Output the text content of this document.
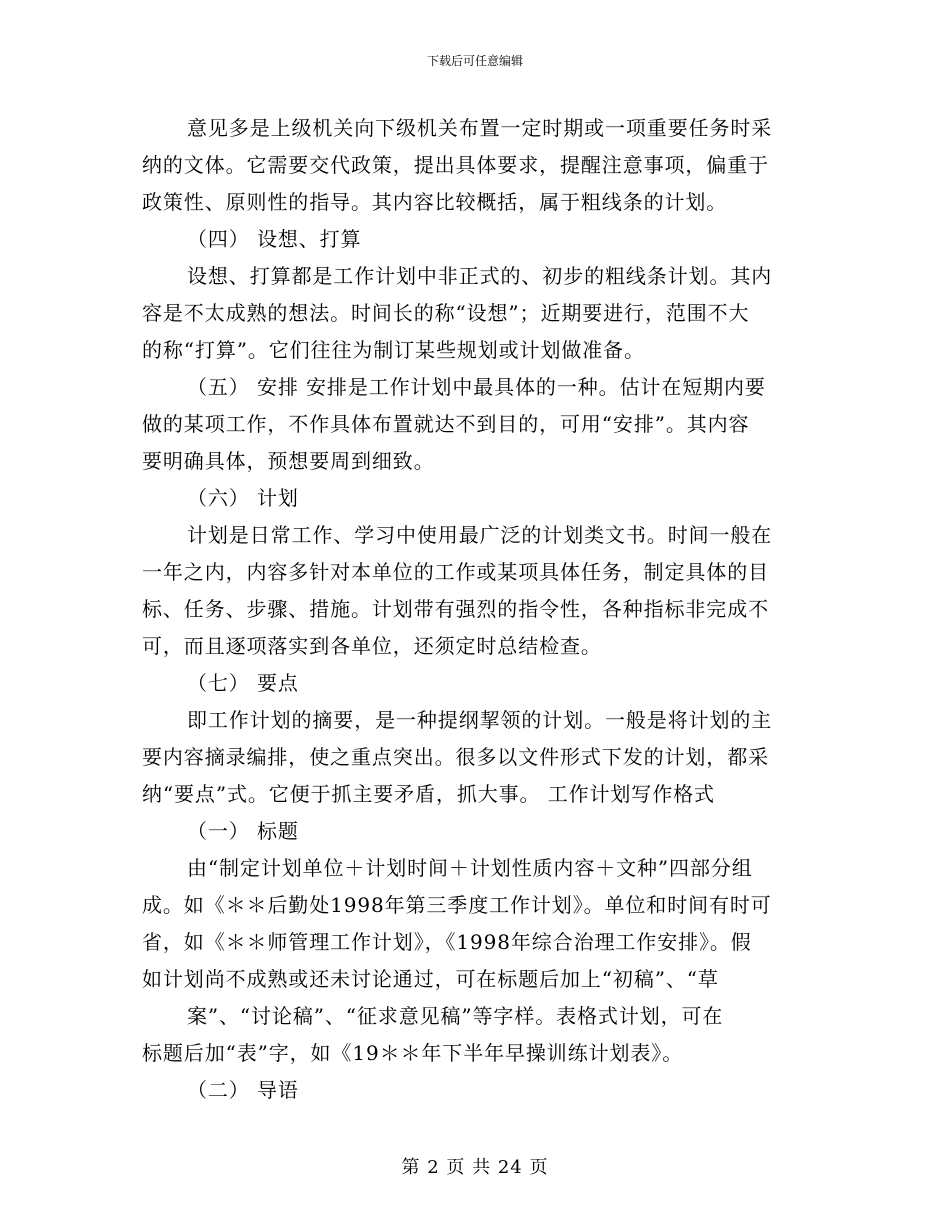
下载后可任意编辑
意见多是上级机关向下级机关布置一定时期或一项重要任务时采
纳的文体。它需要交代政策，提出具体要求，提醒注意事项，偏重于
政策性、原则性的指导。其内容比较概括，属于粗线条的计划。
（四） 设想、打算
设想、打算都是工作计划中非正式的、初步的粗线条计划。其内
容是不太成熟的想法。时间长的称“设想”；近期要进行，范围不大
的称“打算”。它们往往为制订某些规划或计划做准备。
（五） 安排 安排是工作计划中最具体的一种。估计在短期内要
做的某项工作，不作具体布置就达不到目的，可用“安排”。其内容
要明确具体，预想要周到细致。
（六） 计划
计划是日常工作、学习中使用最广泛的计划类文书。时间一般在
一年之内，内容多针对本单位的工作或某项具体任务，制定具体的目
标、任务、步骤、措施。计划带有强烈的指令性，各种指标非完成不
可，而且逐项落实到各单位，还须定时总结检查。
（七） 要点
即工作计划的摘要，是一种提纲挈领的计划。一般是将计划的主
要内容摘录编排，使之重点突出。很多以文件形式下发的计划，都采
纳“要点”式。它便于抓主要矛盾，抓大事。 工作计划写作格式
（一） 标题
由“制定计划单位＋计划时间＋计划性质内容＋文种”四部分组
成。如《＊＊后勤处1998年第三季度工作计划》。单位和时间有时可
省，如《＊＊师管理工作计划》，《1998年综合治理工作安排》。假
如计划尚不成熟或还未讨论通过，可在标题后加上“初稿”、“草
案”、“讨论稿”、“征求意见稿”等字样。表格式计划，可在
标题后加“表”字，如《19＊＊年下半年早操训练计划表》。
（二） 导语
第 2 页 共 24 页
